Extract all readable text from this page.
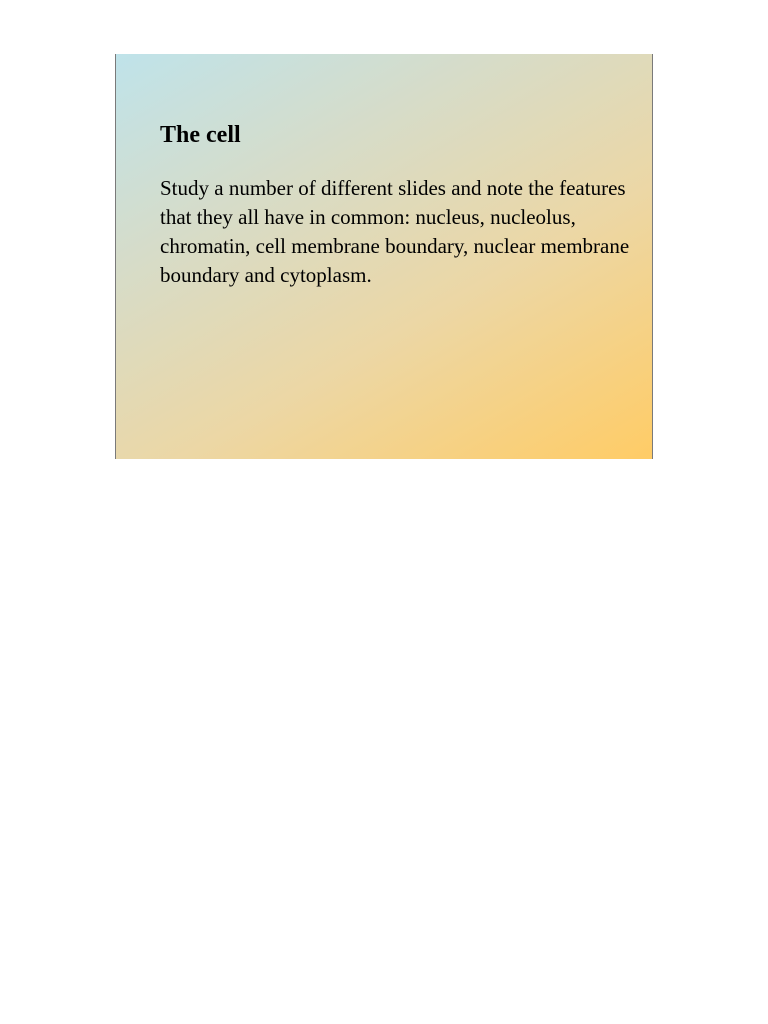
The cell

Study a number of different slides and note the features that they all have in common: nucleus, nucleolus, chromatin, cell membrane boundary, nuclear membrane boundary and cytoplasm.
